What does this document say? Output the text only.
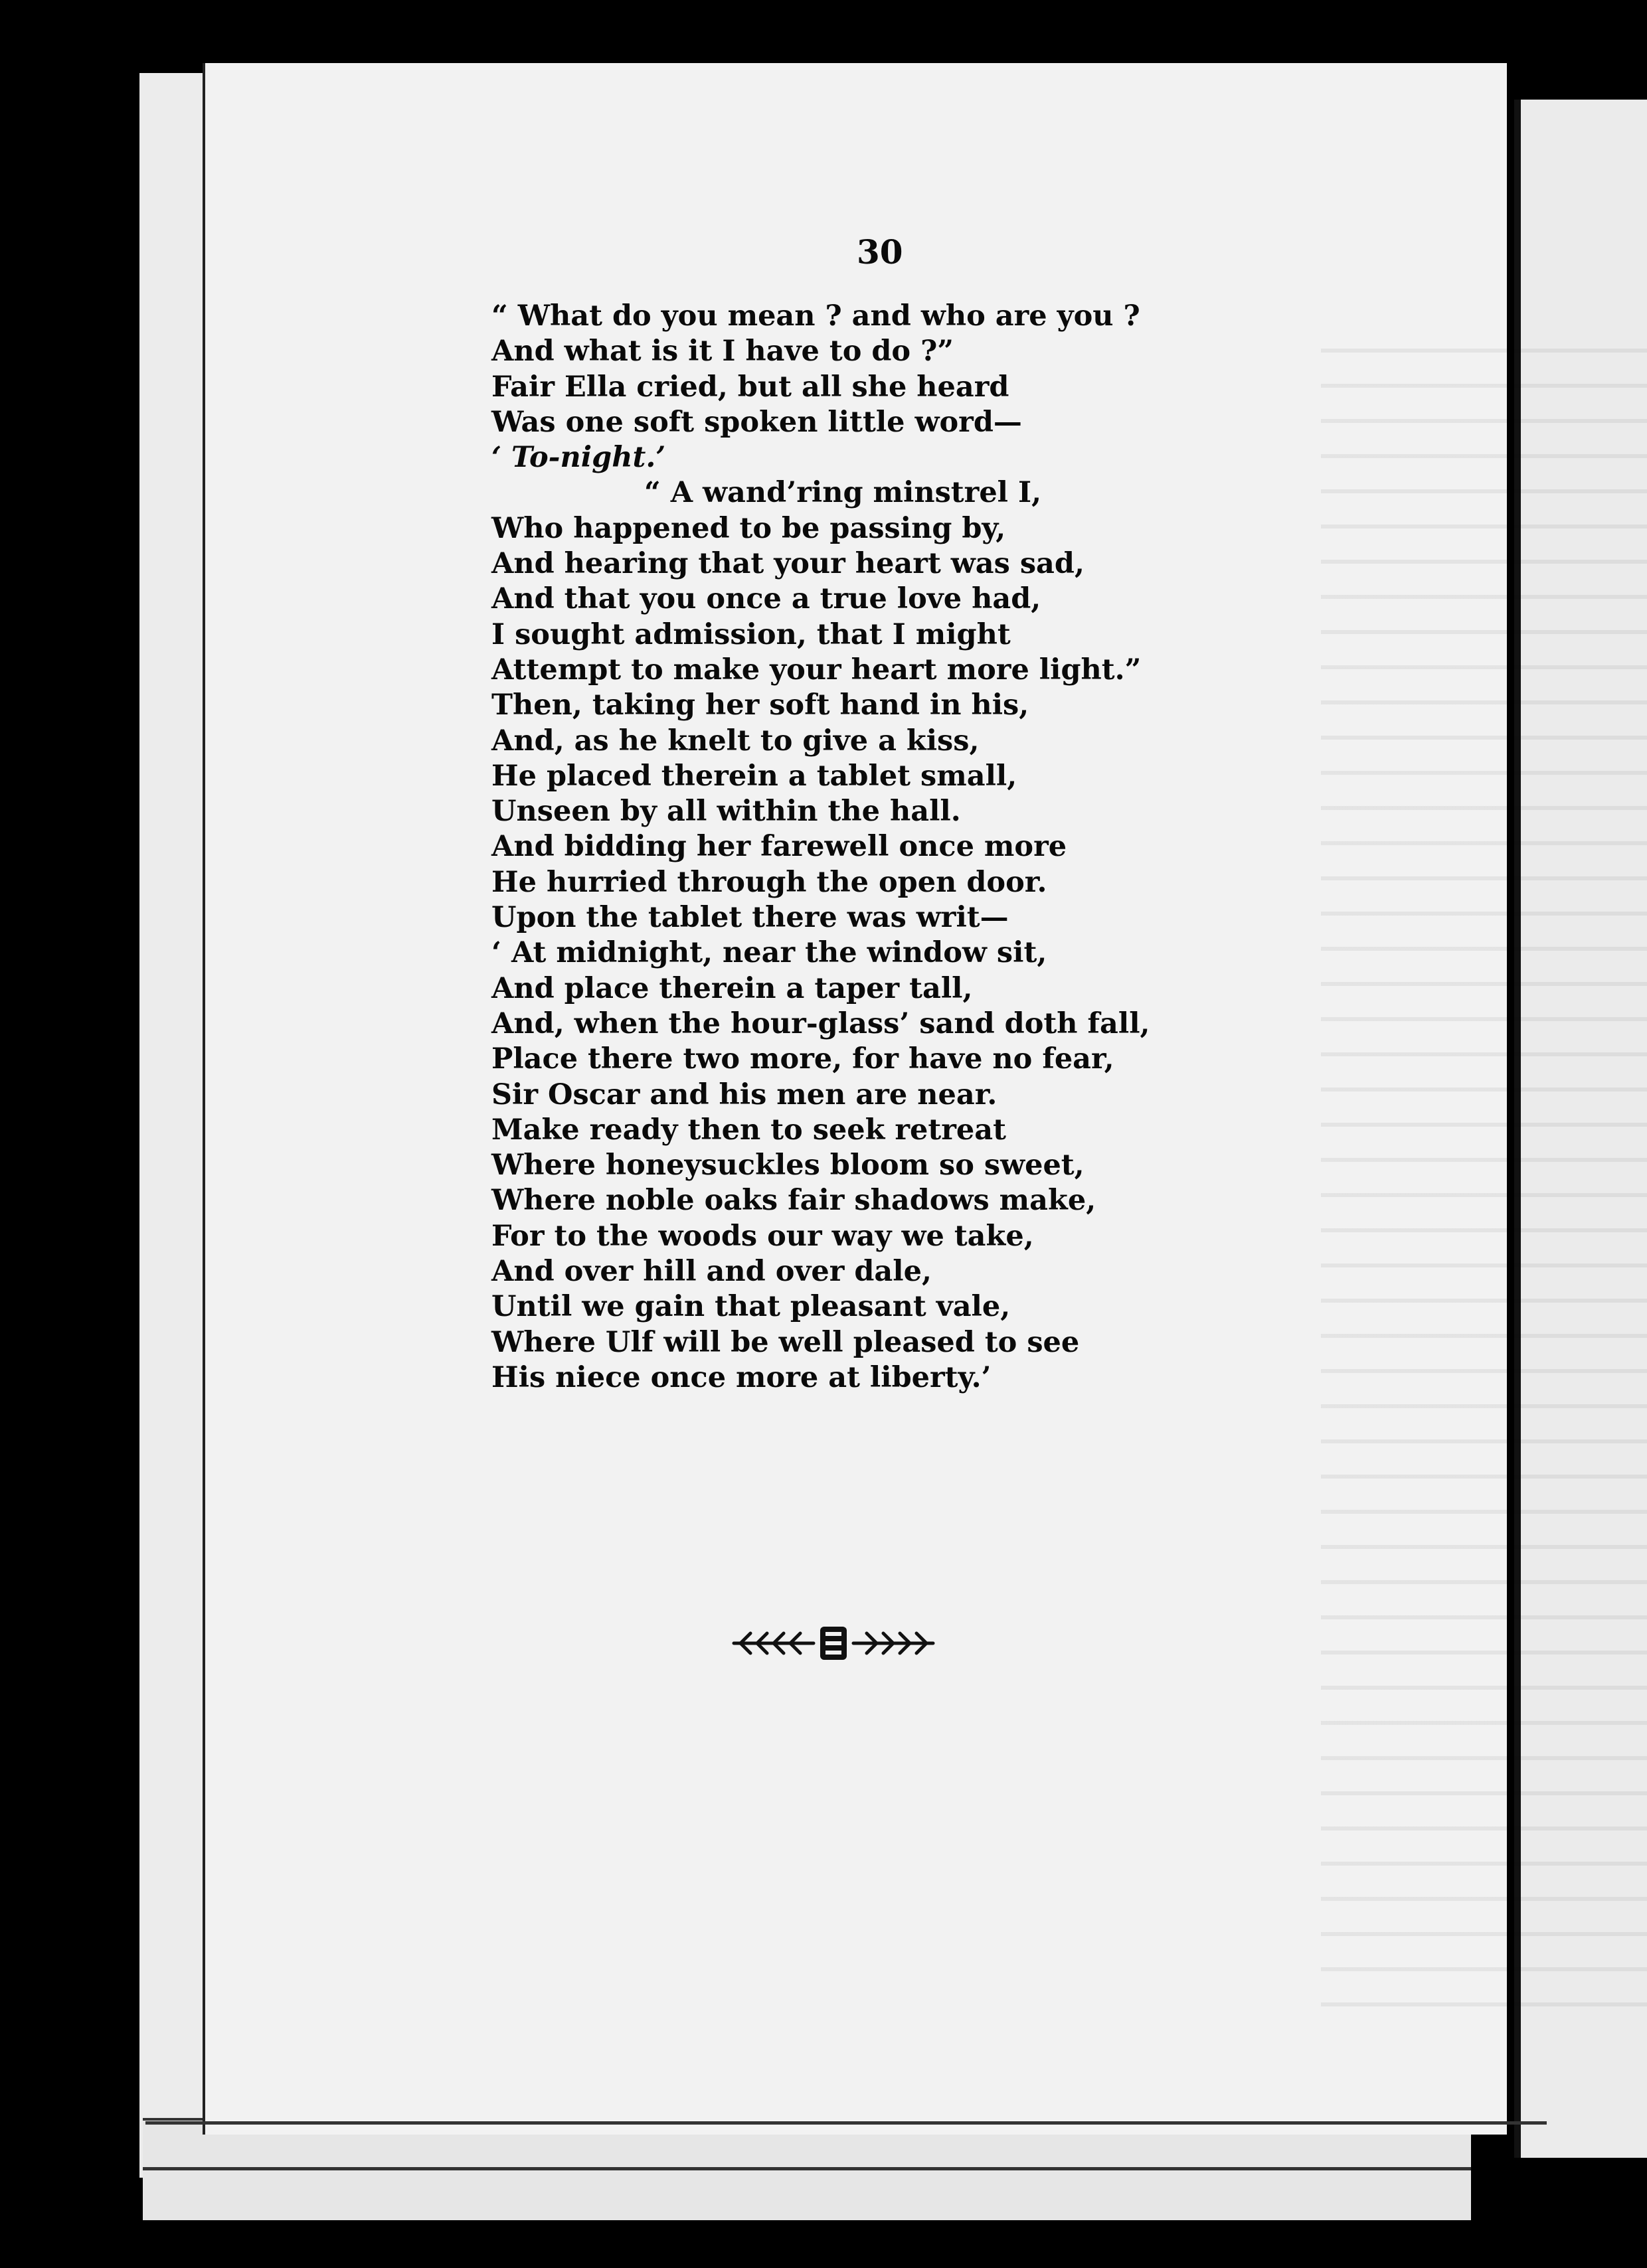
30
“ What do you mean ? and who are you ?
And what is it I have to do ?”
Fair Ella cried, but all she heard
Was one soft spoken little word—
‘ To-night.’
“ A wand’ring minstrel I,
Who happened to be passing by,
And hearing that your heart was sad,
And that you once a true love had,
I sought admission, that I might
Attempt to make your heart more light.”
Then, taking her soft hand in his,
And, as he knelt to give a kiss,
He placed therein a tablet small,
Unseen by all within the hall.
And bidding her farewell once more
He hurried through the open door.
Upon the tablet there was writ—
‘ At midnight, near the window sit,
And place therein a taper tall,
And, when the hour-glass’ sand doth fall,
Place there two more, for have no fear,
Sir Oscar and his men are near.
Make ready then to seek retreat
Where honeysuckles bloom so sweet,
Where noble oaks fair shadows make,
For to the woods our way we take,
And over hill and over dale,
Until we gain that pleasant vale,
Where Ulf will be well pleased to see
His niece once more at liberty.’
